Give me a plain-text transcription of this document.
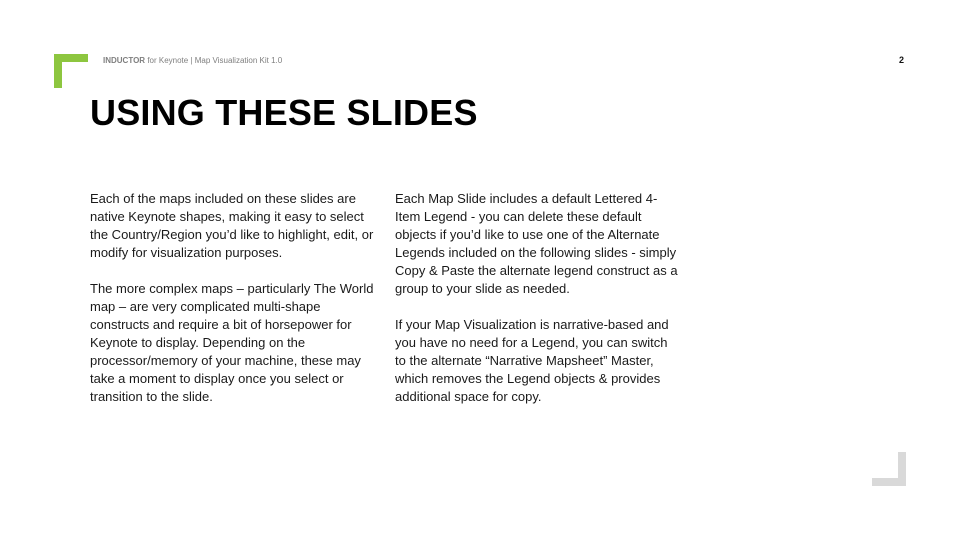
INDUCTOR for Keynote | Map Visualization Kit 1.0	2
USING THESE SLIDES

Each of the maps included on these slides are native Keynote shapes, making it easy to select the Country/Region you’d like to highlight, edit, or modify for visualization purposes.

The more complex maps – particularly The World map – are very complicated multi-shape constructs and require a bit of horsepower for Keynote to display. Depending on the processor/memory of your machine, these may take a moment to display once you select or transition to the slide.

Each Map Slide includes a default Lettered 4-Item Legend - you can delete these default objects if you’d like to use one of the Alternate Legends included on the following slides - simply Copy & Paste the alternate legend construct as a group to your slide as needed.

If your Map Visualization is narrative-based and you have no need for a Legend, you can switch to the alternate “Narrative Mapsheet” Master, which removes the Legend objects & provides additional space for copy.
